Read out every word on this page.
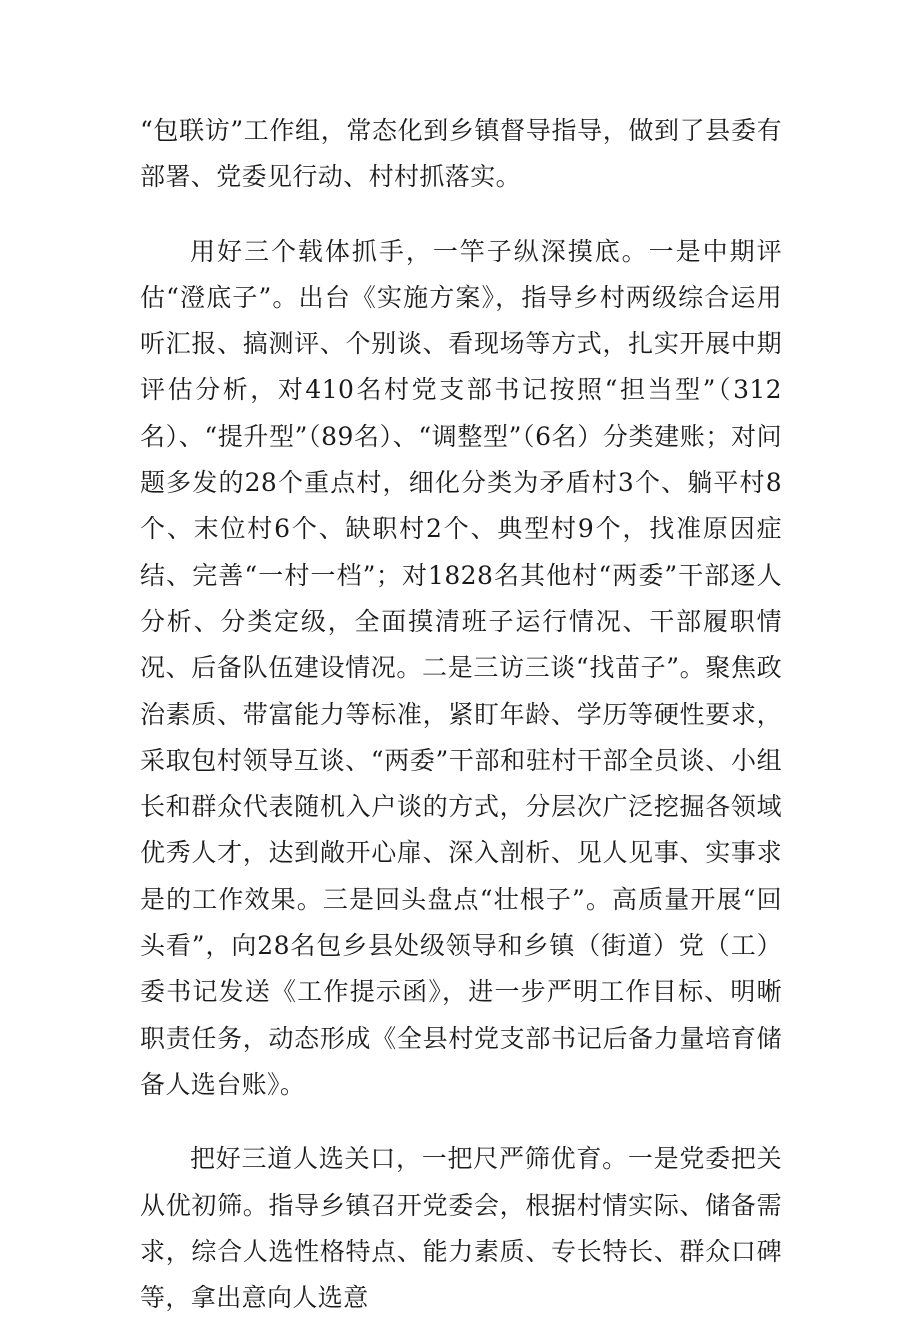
“包联访”工作组，常态化到乡镇督导指导，做到了县委有部署、党委见行动、村村抓落实。

用好三个载体抓手，一竿子纵深摸底。一是中期评估“澄底子”。出台《实施方案》，指导乡村两级综合运用听汇报、搞测评、个别谈、看现场等方式，扎实开展中期评估分析，对410名村党支部书记按照“担当型”（312名）、“提升型”（89名）、“调整型”（6名）分类建账；对问题多发的28个重点村，细化分类为矛盾村3个、躺平村8个、末位村6个、缺职村2个、典型村9个，找准原因症结、完善“一村一档”；对1828名其他村“两委”干部逐人分析、分类定级，全面摸清班子运行情况、干部履职情况、后备队伍建设情况。二是三访三谈“找苗子”。聚焦政治素质、带富能力等标准，紧盯年龄、学历等硬性要求，采取包村领导互谈、“两委”干部和驻村干部全员谈、小组长和群众代表随机入户谈的方式，分层次广泛挖掘各领域优秀人才，达到敞开心扉、深入剖析、见人见事、实事求是的工作效果。三是回头盘点“壮根子”。高质量开展“回头看”，向28名包乡县处级领导和乡镇（街道）党（工）委书记发送《工作提示函》，进一步严明工作目标、明晰职责任务，动态形成《全县村党支部书记后备力量培育储备人选台账》。

把好三道人选关口，一把尺严筛优育。一是党委把关从优初筛。指导乡镇召开党委会，根据村情实际、储备需求，综合人选性格特点、能力素质、专长特长、群众口碑等，拿出意向人选意
